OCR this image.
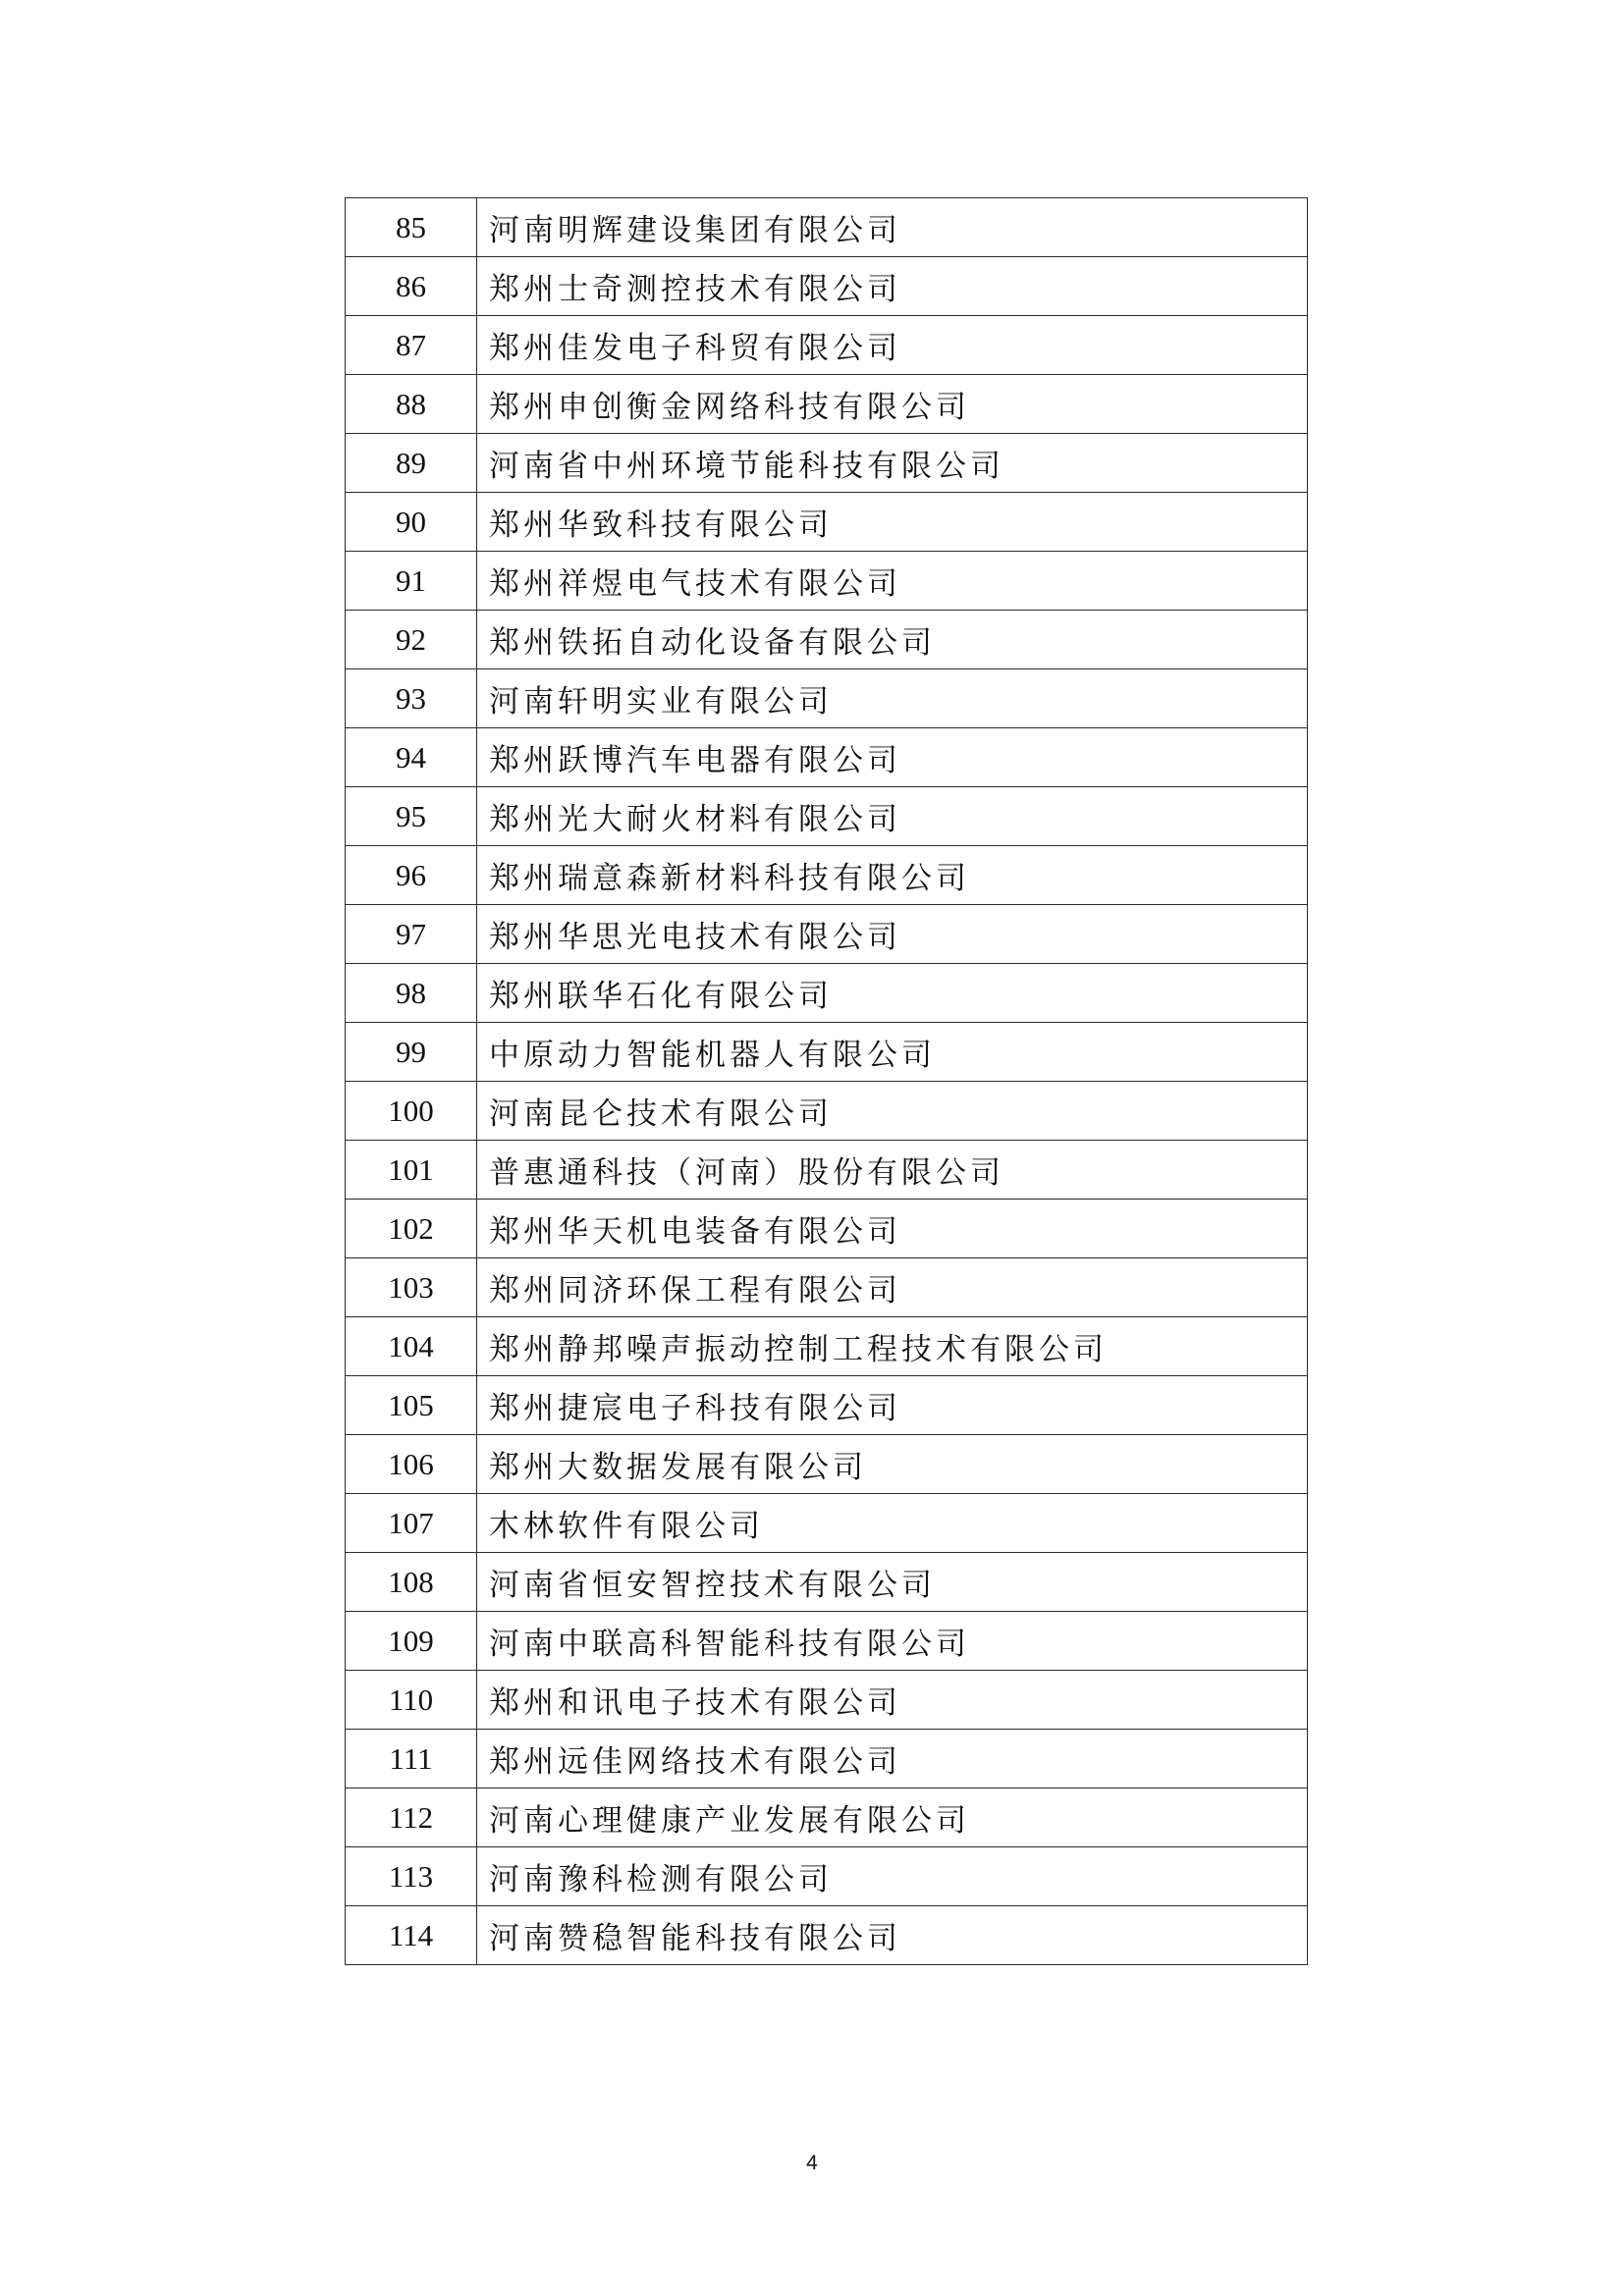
85	河南明辉建设集团有限公司
86	郑州士奇测控技术有限公司
87	郑州佳发电子科贸有限公司
88	郑州申创衡金网络科技有限公司
89	河南省中州环境节能科技有限公司
90	郑州华致科技有限公司
91	郑州祥煜电气技术有限公司
92	郑州铁拓自动化设备有限公司
93	河南轩明实业有限公司
94	郑州跃博汽车电器有限公司
95	郑州光大耐火材料有限公司
96	郑州瑞意森新材料科技有限公司
97	郑州华思光电技术有限公司
98	郑州联华石化有限公司
99	中原动力智能机器人有限公司
100	河南昆仑技术有限公司
101	普惠通科技（河南）股份有限公司
102	郑州华天机电装备有限公司
103	郑州同济环保工程有限公司
104	郑州静邦噪声振动控制工程技术有限公司
105	郑州捷宸电子科技有限公司
106	郑州大数据发展有限公司
107	木林软件有限公司
108	河南省恒安智控技术有限公司
109	河南中联高科智能科技有限公司
110	郑州和讯电子技术有限公司
111	郑州远佳网络技术有限公司
112	河南心理健康产业发展有限公司
113	河南豫科检测有限公司
114	河南赞稳智能科技有限公司
4
